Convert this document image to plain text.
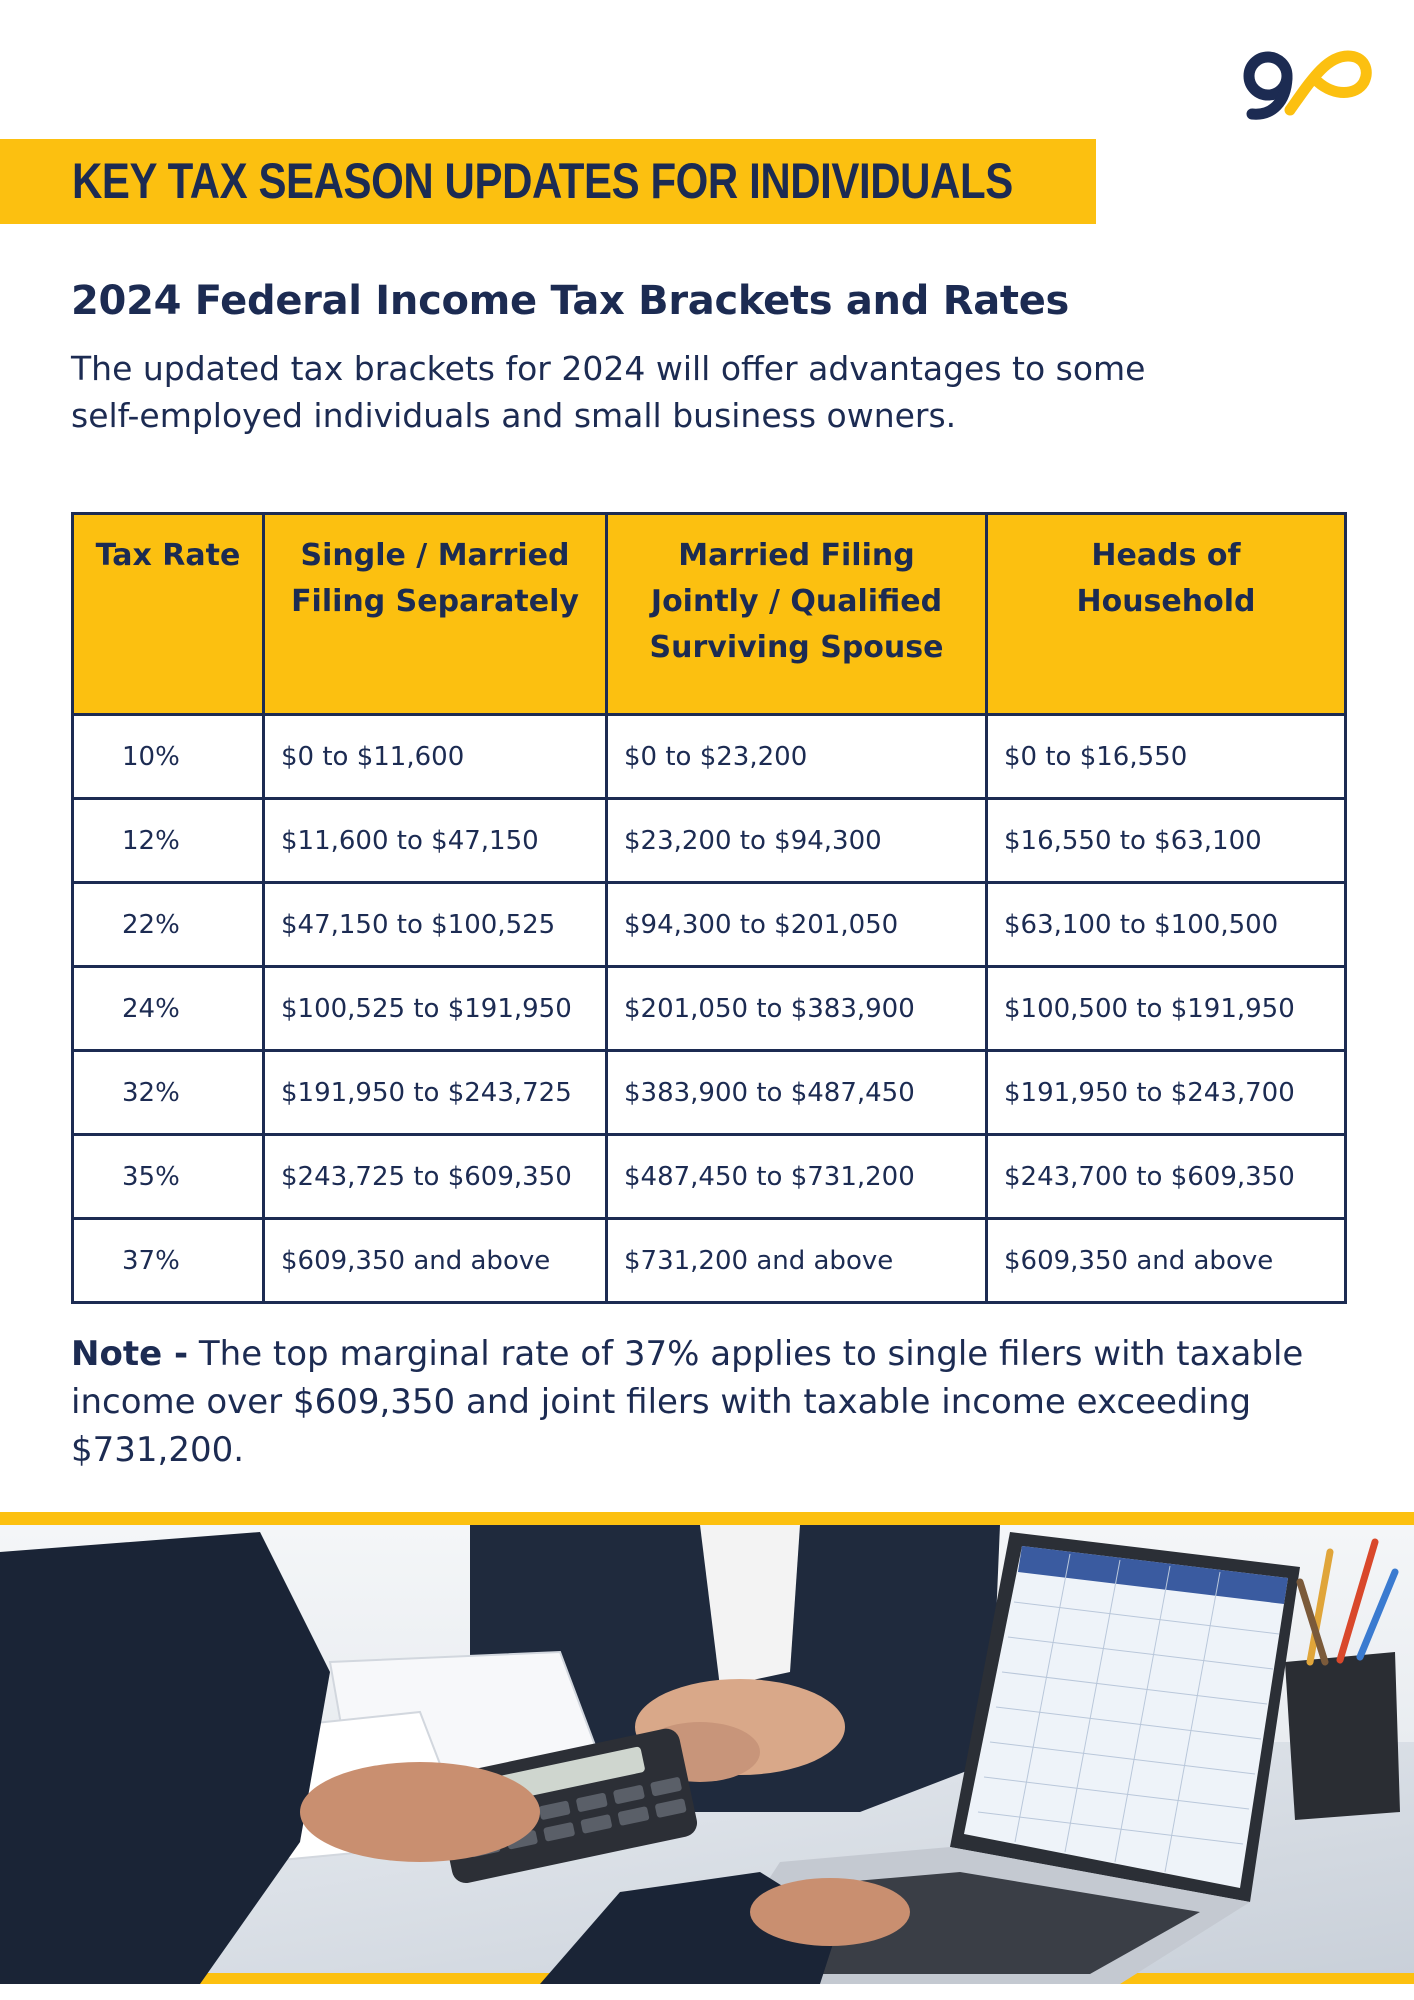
KEY TAX SEASON UPDATES FOR INDIVIDUALS
2024 Federal Income Tax Brackets and Rates

The updated tax brackets for 2024 will offer advantages to some self-employed individuals and small business owners.

Tax Rate	Single / Married Filing Separately	Married Filing Jointly / Qualified Surviving Spouse	Heads of Household
10%	$0 to $11,600	$0 to $23,200	$0 to $16,550
12%	$11,600 to $47,150	$23,200 to $94,300	$16,550 to $63,100
22%	$47,150 to $100,525	$94,300 to $201,050	$63,100 to $100,500
24%	$100,525 to $191,950	$201,050 to $383,900	$100,500 to $191,950
32%	$191,950 to $243,725	$383,900 to $487,450	$191,950 to $243,700
35%	$243,725 to $609,350	$487,450 to $731,200	$243,700 to $609,350
37%	$609,350 and above	$731,200 and above	$609,350 and above

Note - The top marginal rate of 37% applies to single filers with taxable income over $609,350 and joint filers with taxable income exceeding $731,200.
